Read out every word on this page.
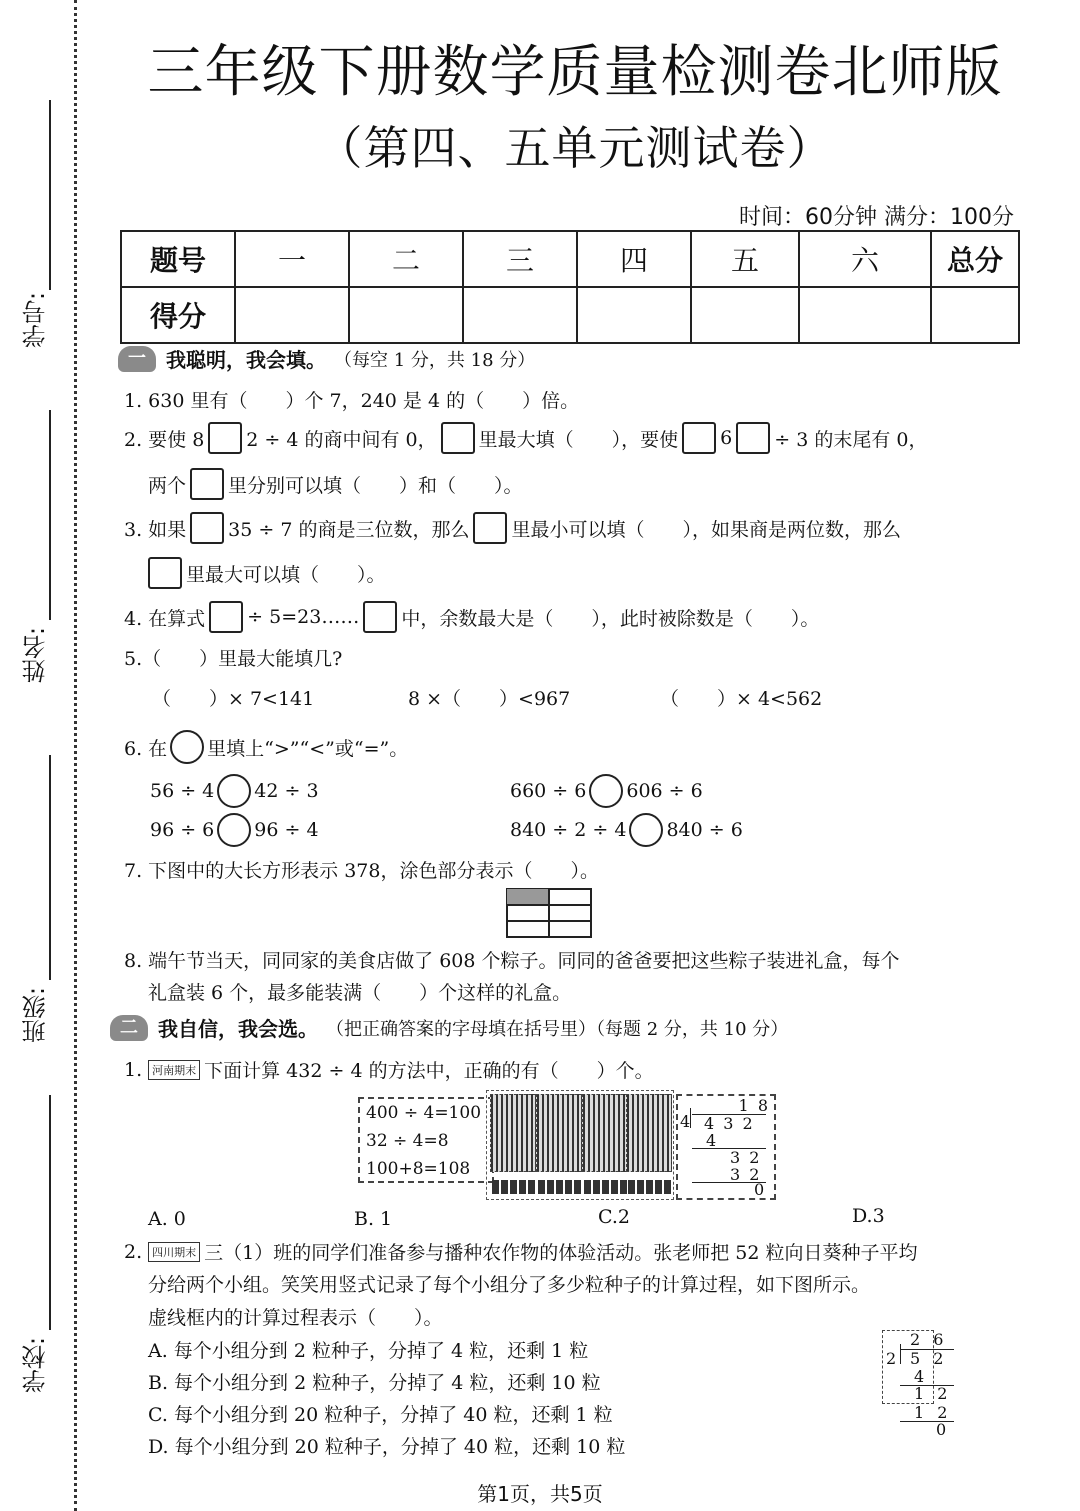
学号:
姓名:
班级:
学校:
三年级下册数学质量检测卷北师版
（第四、五单元测试卷）
时间：60分钟 满分：100分
题号	一	二	三	四	五	六	总分
得分							
一	我聪明，我会填。 （每空 1 分，共 18 分）
1. 630 里有（　　）个 7，240 是 4 的（　　）倍。
2. 要使 8 2 ÷ 4 的商中间有 0， 里最大填（　　），要使 6 ÷ 3 的末尾有 0，
两个 里分别可以填（　　）和（　　）。
3. 如果 35 ÷ 7 的商是三位数，那么 里最小可以填（　　），如果商是两位数，那么
里最大可以填（　　）。
4. 在算式 ÷ 5=23…… 中，余数最大是（　　），此时被除数是（　　）。
5.（　　）里最大能填几?
（　　）× 7<141	8 ×（　　）<967	（　　）× 4<562
6. 在 里填上“>”“<”或“=”。
56 ÷ 4 42 ÷ 3	660 ÷ 6 606 ÷ 6
96 ÷ 6 96 ÷ 4	840 ÷ 2 ÷ 4 840 ÷ 6
7. 下图中的大长方形表示 378，涂色部分表示（　　）。
8. 端午节当天，同同家的美食店做了 608 个粽子。同同的爸爸要把这些粽子装进礼盒，每个
礼盒装 6 个，最多能装满（　　）个这样的礼盒。
二	我自信，我会选。 （把正确答案的字母填在括号里）（每题 2 分，共 10 分）
1. 河南期末 下面计算 432 ÷ 4 的方法中，正确的有（　　）个。
400 ÷ 4=100
32 ÷ 4=8
100+8=108
1 8
4 4 3 2
4
3 2
3 2
0
A. 0	B. 1	C.2	D.3
2. 四川期末 三（1）班的同学们准备参与播种农作物的体验活动。张老师把 52 粒向日葵种子平均
分给两个小组。笑笑用竖式记录了每个小组分了多少粒种子的计算过程，如下图所示。
虚线框内的计算过程表示（　　）。
A. 每个小组分到 2 粒种子，分掉了 4 粒，还剩 1 粒
B. 每个小组分到 2 粒种子，分掉了 4 粒，还剩 10 粒
C. 每个小组分到 20 粒种子，分掉了 40 粒，还剩 1 粒
D. 每个小组分到 20 粒种子，分掉了 40 粒，还剩 10 粒
2 6
2 5 2
4
1 2
1 2
0
第1页，共5页
